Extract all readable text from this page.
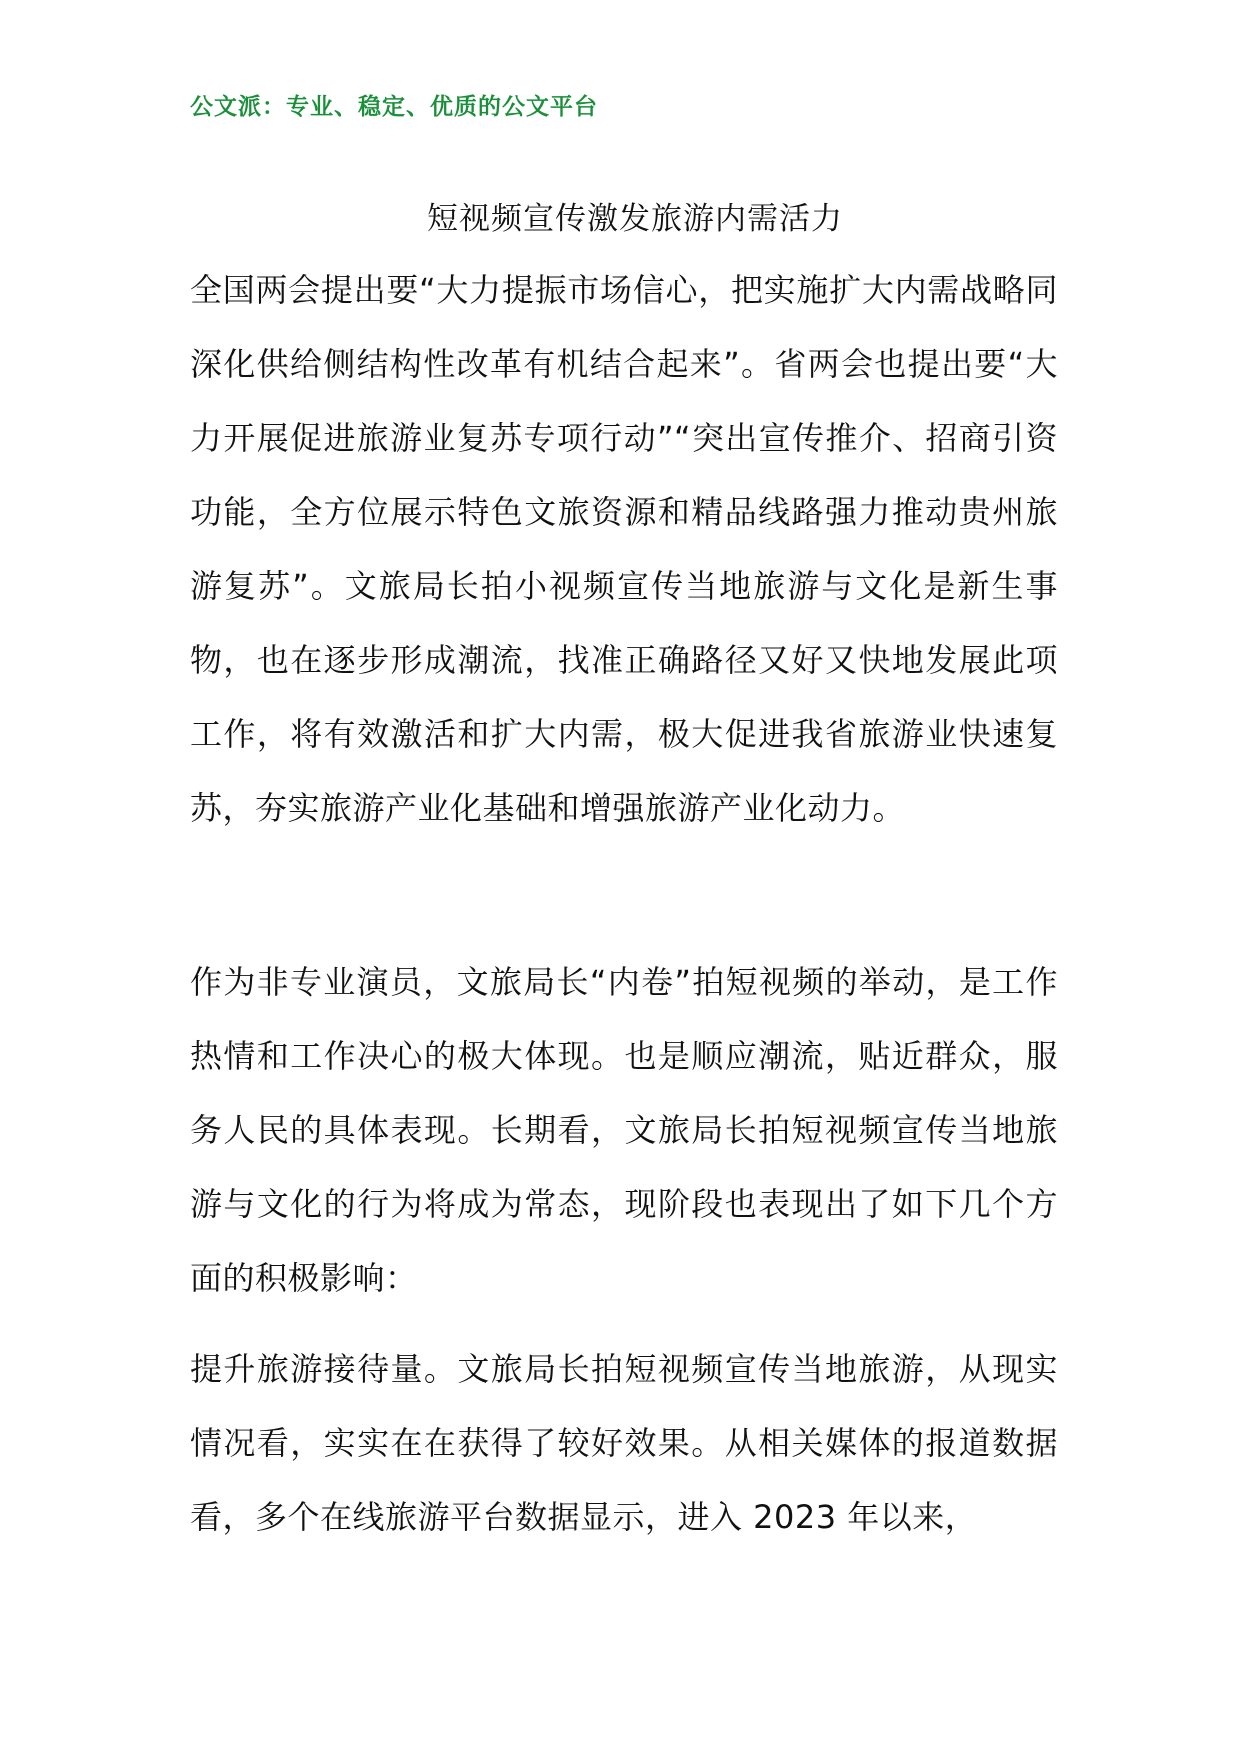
公文派：专业、稳定、优质的公文平台
短视频宣传激发旅游内需活力

全国两会提出要“大力提振市场信心，把实施扩大内需战略同深化供给侧结构性改革有机结合起来”。省两会也提出要“大力开展促进旅游业复苏专项行动”“突出宣传推介、招商引资功能，全方位展示特色文旅资源和精品线路强力推动贵州旅游复苏”。文旅局长拍小视频宣传当地旅游与文化是新生事物，也在逐步形成潮流，找准正确路径又好又快地发展此项工作，将有效激活和扩大内需，极大促进我省旅游业快速复苏，夯实旅游产业化基础和增强旅游产业化动力。

作为非专业演员，文旅局长“内卷”拍短视频的举动，是工作热情和工作决心的极大体现。也是顺应潮流，贴近群众，服务人民的具体表现。长期看，文旅局长拍短视频宣传当地旅游与文化的行为将成为常态，现阶段也表现出了如下几个方面的积极影响：

提升旅游接待量。文旅局长拍短视频宣传当地旅游，从现实情况看，实实在在获得了较好效果。从相关媒体的报道数据看，多个在线旅游平台数据显示，进入 2023 年以来，
